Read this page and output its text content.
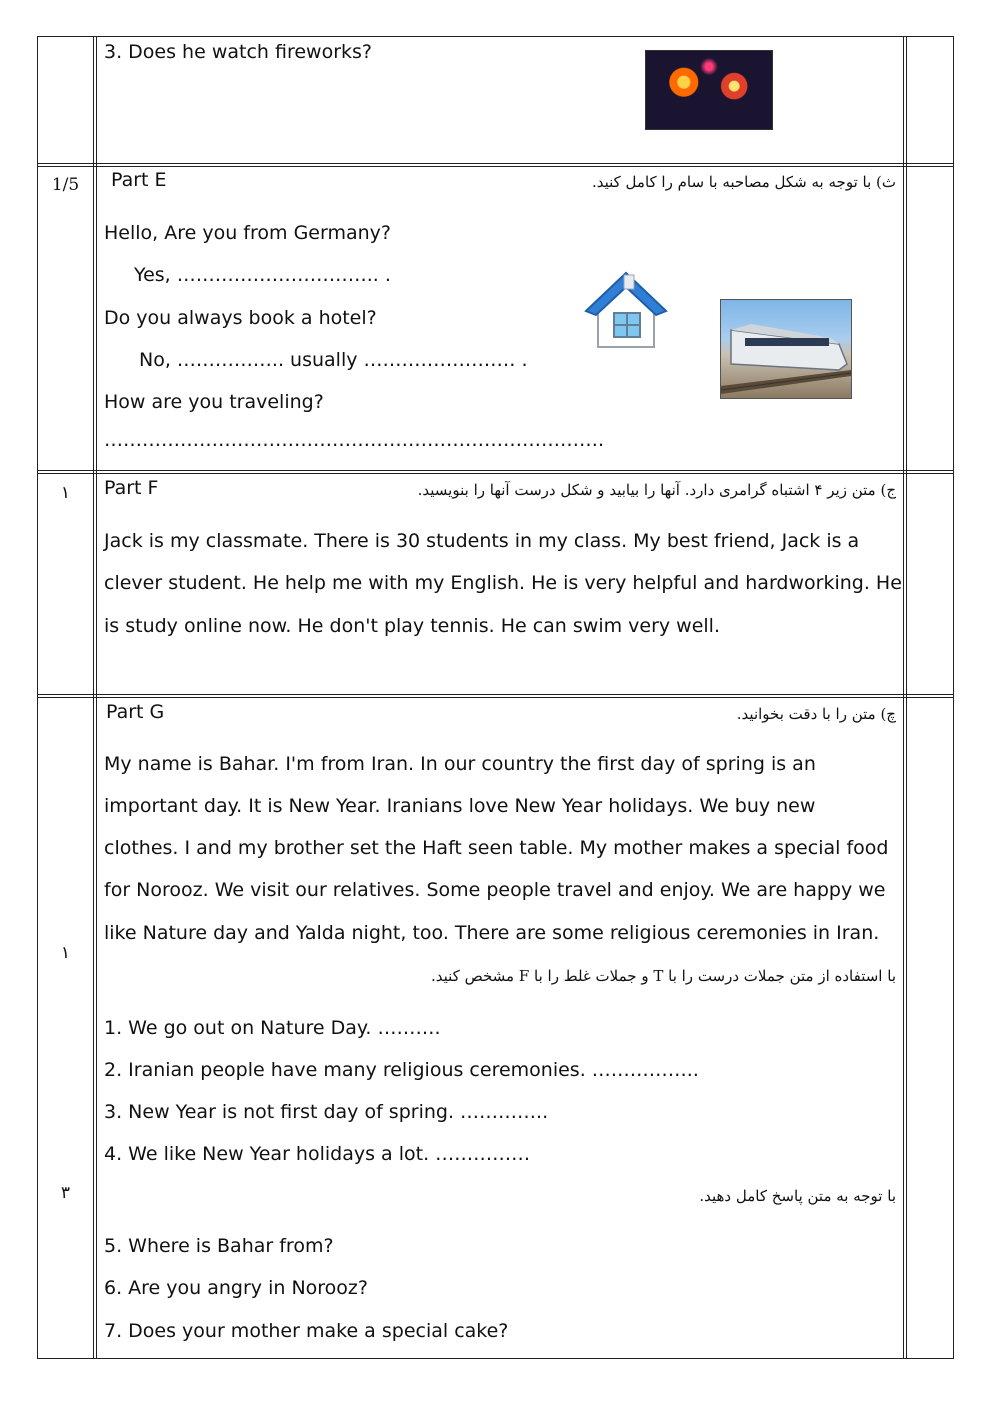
3. Does he watch fireworks?
1/5	Part E	ث) با توجه به شکل مصاحبه با سام را کامل کنید.
Hello, Are you from Germany?
Yes, ………………………….. .
Do you always book a hotel?
No, …………….. usually …………………… .
How are you traveling?
…………………………………………………………………….
۱	Part F	ج) متن زیر ۴ اشتباه گرامری دارد. آنها را بیابید و شکل درست آنها را بنویسید.
Jack is my classmate. There is 30 students in my class. My best friend, Jack is a
clever student. He help me with my English. He is very helpful and hardworking. He
is study online now. He don't play tennis. He can swim very well.
Part G	چ) متن را با دقت بخوانید.
My name is Bahar. I'm from Iran. In our country the first day of spring is an
important day. It is New Year. Iranians love New Year holidays. We buy new
clothes. I and my brother set the Haft seen table. My mother makes a special food
for Norooz. We visit our relatives. Some people travel and enjoy. We are happy we
like Nature day and Yalda night, too. There are some religious ceremonies in Iran.
۱
با استفاده از متن جملات درست را با T و جملات غلط را با F مشخص کنید.
1. We go out on Nature Day. ……….
2. Iranian people have many religious ceremonies. ……………..
3. New Year is not first day of spring. …………..
4. We like New Year holidays a lot. ……………
۳	با توجه به متن پاسخ کامل دهید.
5. Where is Bahar from?
6. Are you angry in Norooz?
7. Does your mother make a special cake?
